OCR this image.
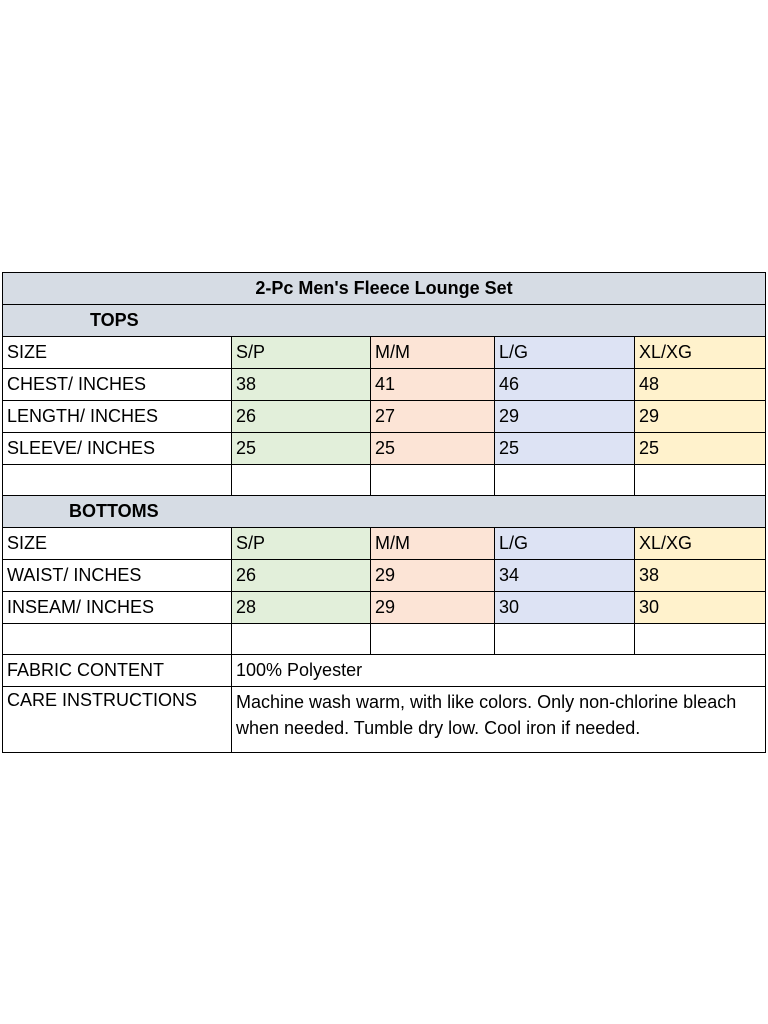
2-Pc Men's Fleece Lounge Set				
TOPS				
SIZE	S/P	M/M	L/G	XL/XG
CHEST/ INCHES	38	41	46	48
LENGTH/ INCHES	26	27	29	29
SLEEVE/ INCHES	25	25	25	25

BOTTOMS				
SIZE	S/P	M/M	L/G	XL/XG
WAIST/ INCHES	26	29	34	38
INSEAM/ INCHES	28	29	30	30

FABRIC CONTENT	100% Polyester			
CARE INSTRUCTIONS	Machine wash warm, with like colors. Only non-chlorine bleach when needed. Tumble dry low. Cool iron if needed.			
